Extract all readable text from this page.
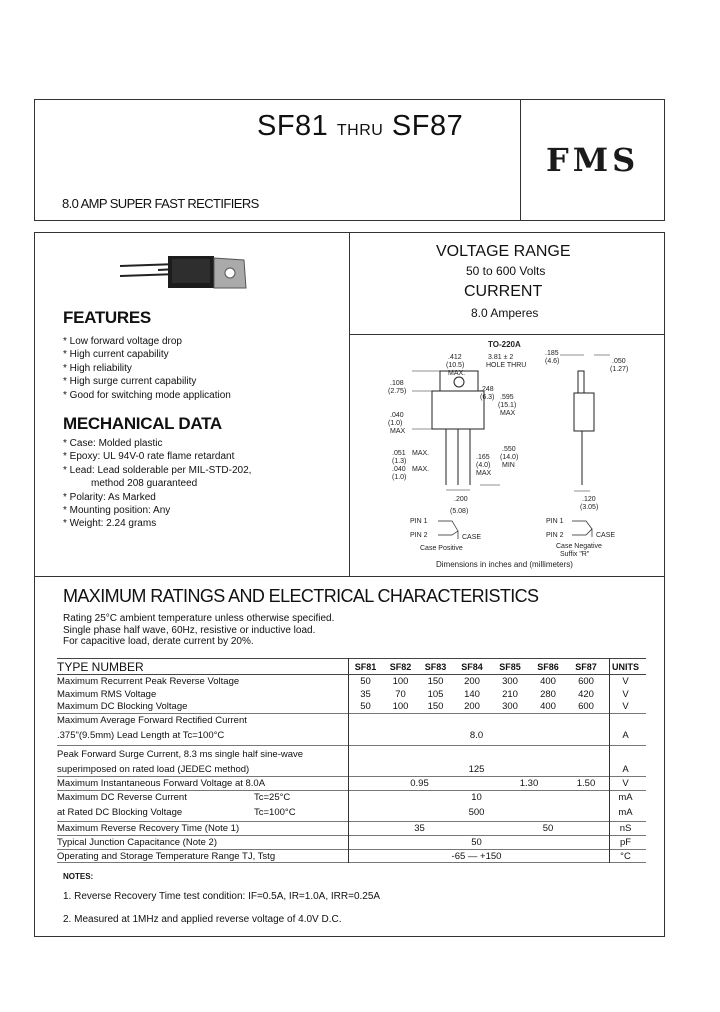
SF81 THRU SF87
FMS
8.0 AMP SUPER FAST RECTIFIERS
FEATURES
* Low forward voltage drop
* High current capability
* High reliability
* High surge current capability
* Good for switching mode application
MECHANICAL DATA
* Case: Molded plastic
* Epoxy: UL 94V-0 rate flame retardant
* Lead: Lead solderable per MIL-STD-202,
method 208 guaranteed
* Polarity: As Marked
* Mounting position: Any
* Weight: 2.24 grams
VOLTAGE RANGE
50 to 600 Volts
CURRENT
8.0 Amperes
TO-220A
.412
(10.5)
MAX.
3.81 ± 2
HOLE THRU
.185
(4.6)	.050
(1.27)
.108
(2.75)	.248
(6.3) .595
(15.1)
MAX
.040
(1.0)
MAX
.051 MAX.
(1.3)
.040 MAX.
(1.0)
.165
(4.0)
MAX
.550
(14.0)
MIN
.200
(5.08)
.120
(3.05)
PIN 1
PIN 2	CASE
Case Positive
PIN 1
PIN 2	CASE
Case Negative
Suffix "R"
Dimensions in inches and (millimeters)
MAXIMUM RATINGS AND ELECTRICAL CHARACTERISTICS
Rating 25°C ambient temperature unless otherwise specified.
Single phase half wave, 60Hz, resistive or inductive load.
For capacitive load, derate current by 20%.
TYPE NUMBER	SF81	SF82	SF83	SF84	SF85	SF86	SF87	UNITS
Maximum Recurrent Peak Reverse Voltage	50	100	150	200	300	400	600	V
Maximum RMS Voltage	35	70	105	140	210	280	420	V
Maximum DC Blocking Voltage	50	100	150	200	300	400	600	V
Maximum Average Forward Rectified Current								
.375"(9.5mm) Lead Length at Tc=100°C	8.0							A
Peak Forward Surge Current, 8.3 ms single half sine-wave								
superimposed on rated load (JEDEC method)	125							A
Maximum Instantaneous Forward Voltage at 8.0A	0.95				1.30		1.50	V
Maximum DC Reverse Current Tc=25°C	10							mA
at Rated DC Blocking Voltage Tc=100°C	500							mA
Maximum Reverse Recovery Time (Note 1)	35				50			nS
Typical Junction Capacitance (Note 2)	50							pF
Operating and Storage Temperature Range TJ, Tstg	-65 — +150							°C
NOTES:
1. Reverse Recovery Time test condition: IF=0.5A, IR=1.0A, IRR=0.25A
2. Measured at 1MHz and applied reverse voltage of 4.0V D.C.
